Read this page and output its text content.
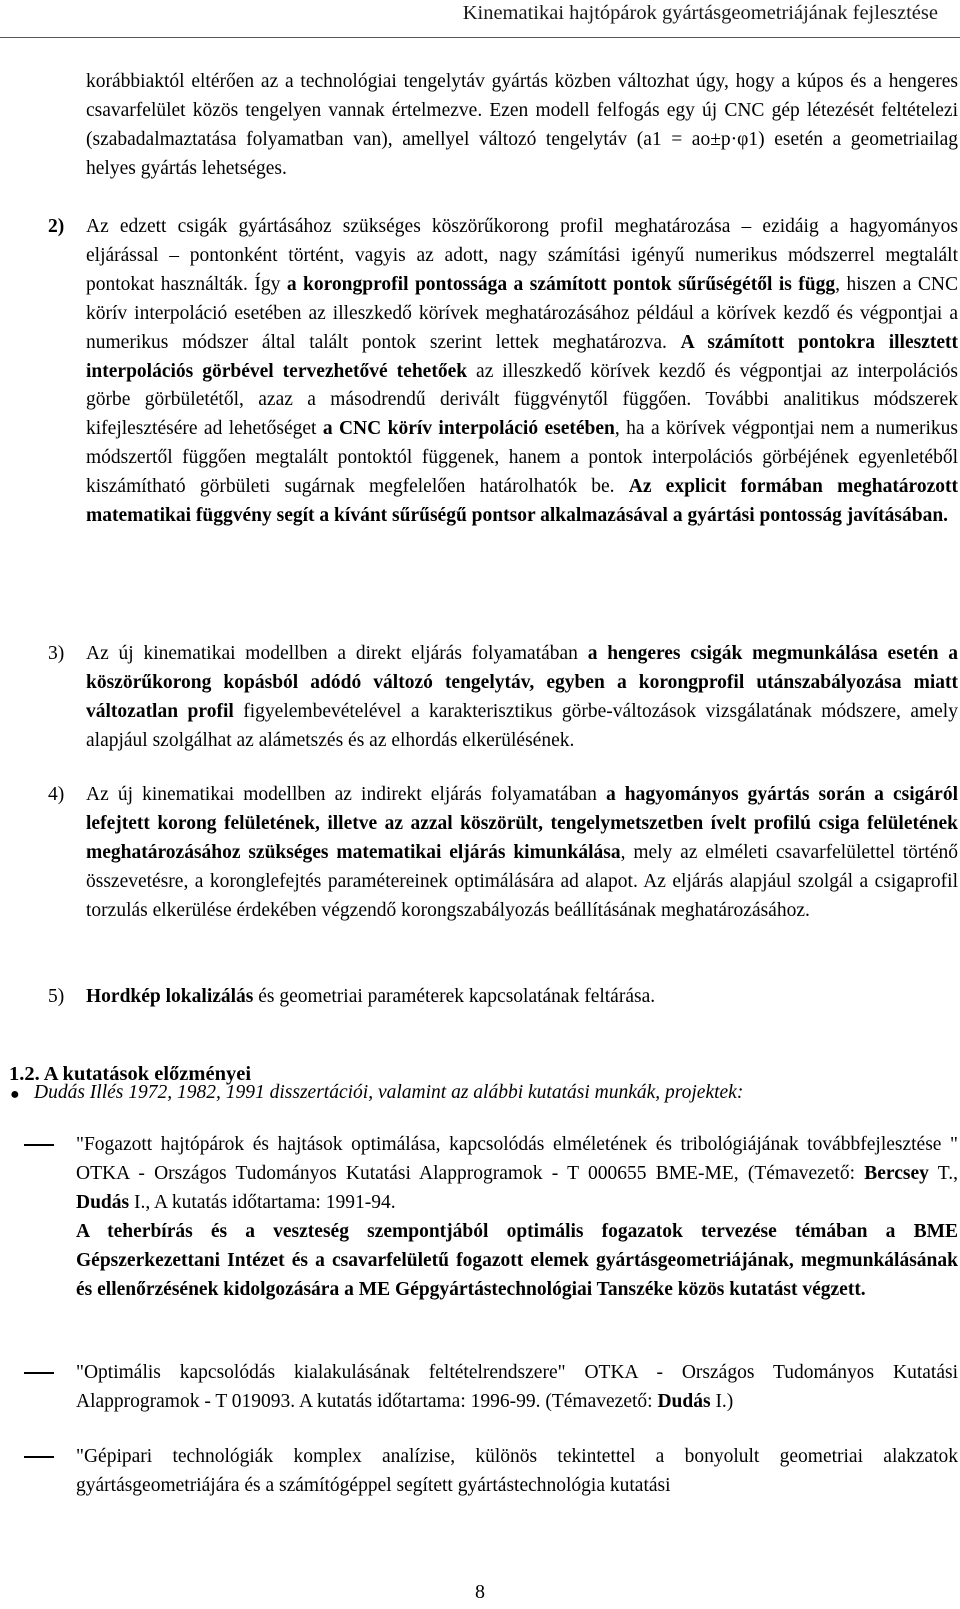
Kinematikai hajtópárok gyártásgeometriájának fejlesztése
korábbiaktól eltérően az a technológiai tengelytáv gyártás közben változhat úgy, hogy a kúpos és a hengeres csavarfelület közös tengelyen vannak értelmezve. Ezen modell felfogás egy új CNC gép létezését feltételezi (szabadalmaztatása folyamatban van), amellyel változó tengelytáv (a1 = ao±p·φ1) esetén a geometriailag helyes gyártás lehetséges.
2) Az edzett csigák gyártásához szükséges köszörűkorong profil meghatározása – ezidáig a hagyományos eljárással – pontonként történt, vagyis az adott, nagy számítási igényű numerikus módszerrel megtalált pontokat használták. Így a korongprofil pontossága a számított pontok sűrűségétől is függ, hiszen a CNC körív interpoláció esetében az illeszkedő körívek meghatározásához például a körívek kezdő és végpontjai a numerikus módszer által talált pontok szerint lettek meghatározva. A számított pontokra illesztett interpolációs görbével tervezhetővé tehetőek az illeszkedő körívek kezdő és végpontjai az interpolációs görbe görbületétől, azaz a másodrendű derivált függvénytől függően. További analitikus módszerek kifejlesztésére ad lehetőséget a CNC körív interpoláció esetében, ha a körívek végpontjai nem a numerikus módszertől függően megtalált pontoktól függenek, hanem a pontok interpolációs görbéjének egyenletéből kiszámítható görbületi sugárnak megfelelően határolhatók be. Az explicit formában meghatározott matematikai függvény segít a kívánt sűrűségű pontsor alkalmazásával a gyártási pontosság javításában.
3) Az új kinematikai modellben a direkt eljárás folyamatában a hengeres csigák megmunkálása esetén a köszörűkorong kopásból adódó változó tengelytáv, egyben a korongprofil utánszabályozása miatt változatlan profil figyelembevételével a karakterisztikus görbe-változások vizsgálatának módszere, amely alapjául szolgálhat az alámetszés és az elhordás elkerülésének.
4) Az új kinematikai modellben az indirekt eljárás folyamatában a hagyományos gyártás során a csigáról lefejtett korong felületének, illetve az azzal köszörült, tengelymetszetben ívelt profilú csiga felületének meghatározásához szükséges matematikai eljárás kimunkálása, mely az elméleti csavarfelülettel történő összevetésre, a koronglefejtés paramétereinek optimálására ad alapot. Az eljárás alapjául szolgál a csigaprofil torzulás elkerülése érdekében végzendő korongszabályozás beállításának meghatározásához.
5) Hordkép lokalizálás és geometriai paraméterek kapcsolatának feltárása.
1.2. A kutatások előzményei
● Dudás Illés 1972, 1982, 1991 disszertációi, valamint az alábbi kutatási munkák, projektek:
"Fogazott hajtópárok és hajtások optimálása, kapcsolódás elméletének és tribológiájának továbbfejlesztése " OTKA - Országos Tudományos Kutatási Alapprogramok - T 000655 BME-ME, (Témavezető: Bercsey T., Dudás I., A kutatás időtartama: 1991-94.
A teherbírás és a veszteség szempontjából optimális fogazatok tervezése témában a BME Gépszerkezettani Intézet és a csavarfelületű fogazott elemek gyártásgeometriájának, megmunkálásának és ellenőrzésének kidolgozására a ME Gépgyártástechnológiai Tanszéke közös kutatást végzett.
"Optimális kapcsolódás kialakulásának feltételrendszere" OTKA - Országos Tudományos Kutatási Alapprogramok - T 019093. A kutatás időtartama: 1996-99. (Témavezető: Dudás I.)
"Gépipari technológiák komplex analízise, különös tekintettel a bonyolult geometriai alakzatok gyártásgeometriájára és a számítógéppel segített gyártástechnológia kutatási
8
